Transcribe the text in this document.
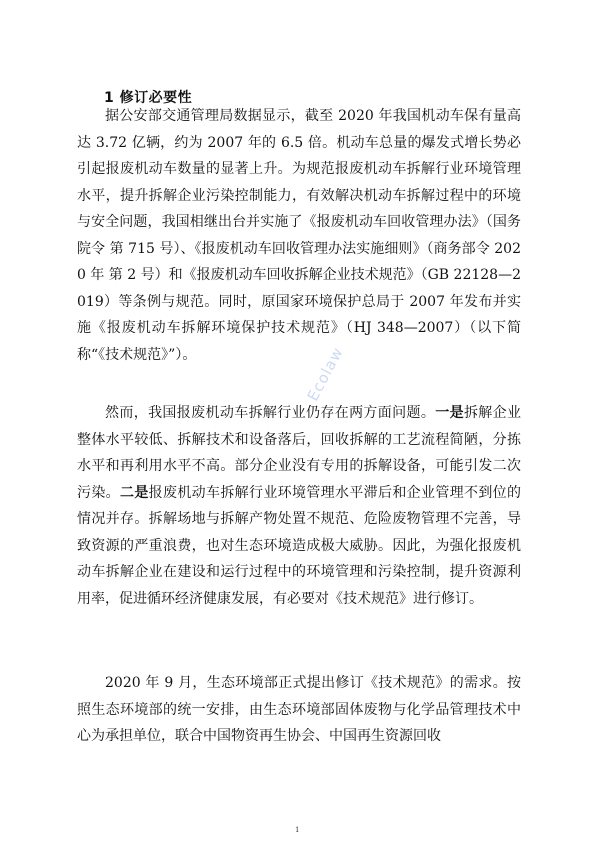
1 修订必要性

据公安部交通管理局数据显示，截至 2020 年我国机动车保有量高达 3.72 亿辆，约为 2007 年的 6.5 倍。机动车总量的爆发式增长势必引起报废机动车数量的显著上升。为规范报废机动车拆解行业环境管理水平，提升拆解企业污染控制能力，有效解决机动车拆解过程中的环境与安全问题，我国相继出台并实施了《报废机动车回收管理办法》（国务院令 第 715 号）、《报废机动车回收管理办法实施细则》（商务部令 2020 年 第 2 号）和《报废机动车回收拆解企业技术规范》（GB 22128—2019）等条例与规范。同时，原国家环境保护总局于 2007 年发布并实施《报废机动车拆解环境保护技术规范》（HJ 348—2007）（以下简称“《技术规范》”）。

然而，我国报废机动车拆解行业仍存在两方面问题。一是拆解企业整体水平较低、拆解技术和设备落后，回收拆解的工艺流程简陋，分拣水平和再利用水平不高。部分企业没有专用的拆解设备，可能引发二次污染。二是报废机动车拆解行业环境管理水平滞后和企业管理不到位的情况并存。拆解场地与拆解产物处置不规范、危险废物管理不完善，导致资源的严重浪费，也对生态环境造成极大威胁。因此，为强化报废机动车拆解企业在建设和运行过程中的环境管理和污染控制，提升资源利用率，促进循环经济健康发展，有必要对《技术规范》进行修订。

2020 年 9 月，生态环境部正式提出修订《技术规范》的需求。按照生态环境部的统一安排，由生态环境部固体废物与化学品管理技术中心为承担单位，联合中国物资再生协会、中国再生资源回收

Ecolaw
1
